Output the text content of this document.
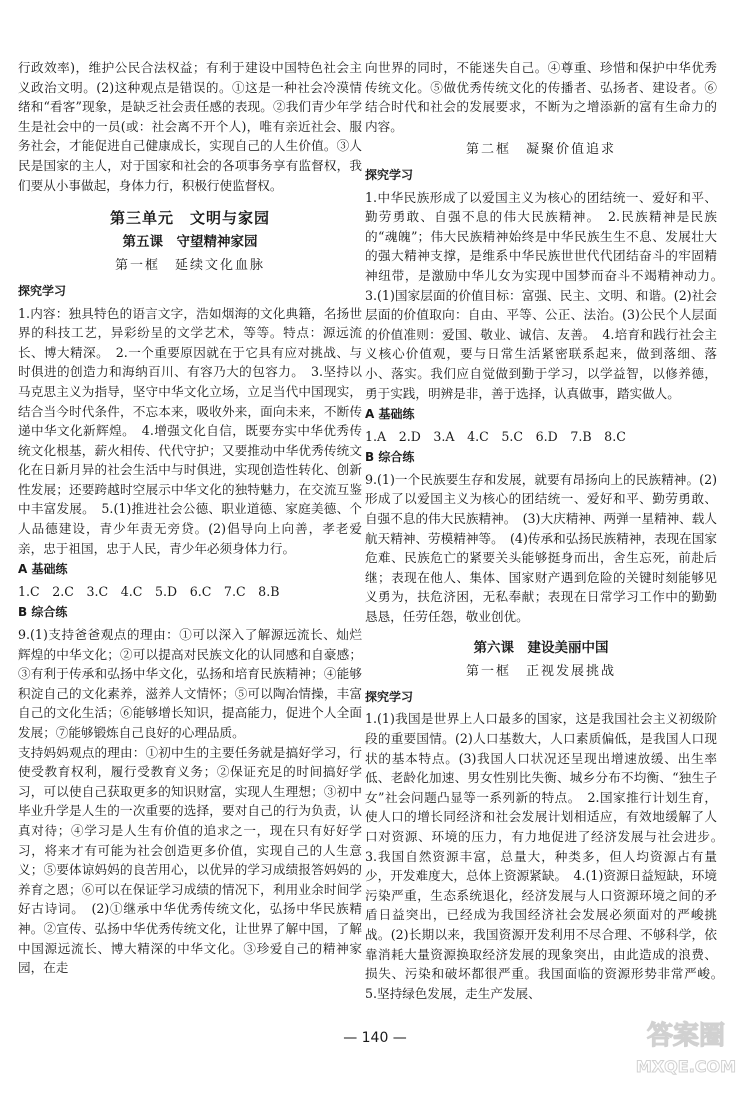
行政效率)，维护公民合法权益；有利于建设中国特色社会主义政治文明。(2)这种观点是错误的。①这是一种社会冷漠情绪和“看客”现象，是缺乏社会责任感的表现。②我们青少年学生是社会中的一员(或：社会离不开个人)，唯有亲近社会、服务社会，才能促进自己健康成长，实现自己的人生价值。③人民是国家的主人，对于国家和社会的各项事务享有监督权，我们要从小事做起，身体力行，积极行使监督权。

第三单元　文明与家园
第五课　守望精神家园
第一框　延续文化血脉
探究学习

1.内容：独具特色的语言文字，浩如烟海的文化典籍，名扬世界的科技工艺，异彩纷呈的文学艺术，等等。特点：源远流长、博大精深。　2.一个重要原因就在于它具有应对挑战、与时俱进的创造力和海纳百川、有容乃大的包容力。　3.坚持以马克思主义为指导，坚守中华文化立场，立足当代中国现实，结合当今时代条件，不忘本来，吸收外来，面向未来，不断传递中华文化新辉煌。　4.增强文化自信，既要夯实中华优秀传统文化根基，薪火相传、代代守护；又要推动中华优秀传统文化在日新月异的社会生活中与时俱进，实现创造性转化、创新性发展；还要跨越时空展示中华文化的独特魅力，在交流互鉴中丰富发展。　5.(1)推进社会公德、职业道德、家庭美德、个人品德建设，青少年责无旁贷。(2)倡导向上向善，孝老爱亲，忠于祖国，忠于人民，青少年必须身体力行。

A 基础练

1.C　2.C　3.C　4.C　5.D　6.C　7.C　8.B

B 综合练

9.(1)支持爸爸观点的理由：①可以深入了解源远流长、灿烂辉煌的中华文化；②可以提高对民族文化的认同感和自豪感；③有利于传承和弘扬中华文化，弘扬和培育民族精神；④能够积淀自己的文化素养，滋养人文情怀；⑤可以陶冶情操，丰富自己的文化生活；⑥能够增长知识，提高能力，促进个人全面发展；⑦能够锻炼自己良好的心理品质。

支持妈妈观点的理由：①初中生的主要任务就是搞好学习，行使受教育权利，履行受教育义务；②保证充足的时间搞好学习，可以使自己获取更多的知识财富，实现人生理想；③初中毕业升学是人生的一次重要的选择，要对自己的行为负责，认真对待；④学习是人生有价值的追求之一，现在只有好好学习，将来才有可能为社会创造更多价值，实现自己的人生意义；⑤要体谅妈妈的良苦用心，以优异的学习成绩报答妈妈的养育之恩；⑥可以在保证学习成绩的情况下，利用业余时间学好古诗词。　(2)①继承中华优秀传统文化，弘扬中华民族精神。②宣传、弘扬中华优秀传统文化，让世界了解中国，了解中国源远流长、博大精深的中华文化。③珍爱自己的精神家园，在走

向世界的同时，不能迷失自己。④尊重、珍惜和保护中华优秀传统文化。⑤做优秀传统文化的传播者、弘扬者、建设者。⑥结合时代和社会的发展要求，不断为之增添新的富有生命力的内容。

第二框　凝聚价值追求
探究学习

1.中华民族形成了以爱国主义为核心的团结统一、爱好和平、勤劳勇敢、自强不息的伟大民族精神。　2.民族精神是民族的“魂魄”；伟大民族精神始终是中华民族生生不息、发展壮大的强大精神支撑，是维系中华民族世世代代团结奋斗的牢固精神纽带，是激励中华儿女为实现中国梦而奋斗不竭精神动力。　3.(1)国家层面的价值目标：富强、民主、文明、和谐。(2)社会层面的价值取向：自由、平等、公正、法治。(3)公民个人层面的价值准则：爱国、敬业、诚信、友善。　4.培育和践行社会主义核心价值观，要与日常生活紧密联系起来，做到落细、落小、落实。我们应自觉做到勤于学习，以学益智，以修养德，勇于实践，明辨是非，善于选择，认真做事，踏实做人。

A 基础练

1.A　2.D　3.A　4.C　5.C　6.D　7.B　8.C

B 综合练

9.(1)一个民族要生存和发展，就要有昂扬向上的民族精神。(2)形成了以爱国主义为核心的团结统一、爱好和平、勤劳勇敢、自强不息的伟大民族精神。　(3)大庆精神、两弹一星精神、载人航天精神、劳模精神等。　(4)传承和弘扬民族精神，表现在国家危难、民族危亡的紧要关头能够挺身而出，舍生忘死，前赴后继；表现在他人、集体、国家财产遇到危险的关键时刻能够见义勇为，扶危济困，无私奉献；表现在日常学习工作中的勤勤恳恳，任劳任怨，敬业创优。

第六课　建设美丽中国
第一框　正视发展挑战
探究学习

1.(1)我国是世界上人口最多的国家，这是我国社会主义初级阶段的重要国情。(2)人口基数大，人口素质偏低，是我国人口现状的基本特点。(3)我国人口状况还呈现出增速放缓、出生率低、老龄化加速、男女性别比失衡、城乡分布不均衡、“独生子女”社会问题凸显等一系列新的特点。　2.国家推行计划生育，使人口的增长同经济和社会发展计划相适应，有效地缓解了人口对资源、环境的压力，有力地促进了经济发展与社会进步。　3.我国自然资源丰富，总量大，种类多，但人均资源占有量少，开发难度大，总体上资源紧缺。　4.(1)资源日益短缺，环境污染严重，生态系统退化，经济发展与人口资源环境之间的矛盾日益突出，已经成为我国经济社会发展必须面对的严峻挑战。(2)长期以来，我国资源开发利用不尽合理、不够科学，依靠消耗大量资源换取经济发展的现象突出，由此造成的浪费、损失、污染和破坏都很严重。我国面临的资源形势非常严峻。　5.坚持绿色发展，走生产发展、

— 140 —	答案圈
MXQE.COM
